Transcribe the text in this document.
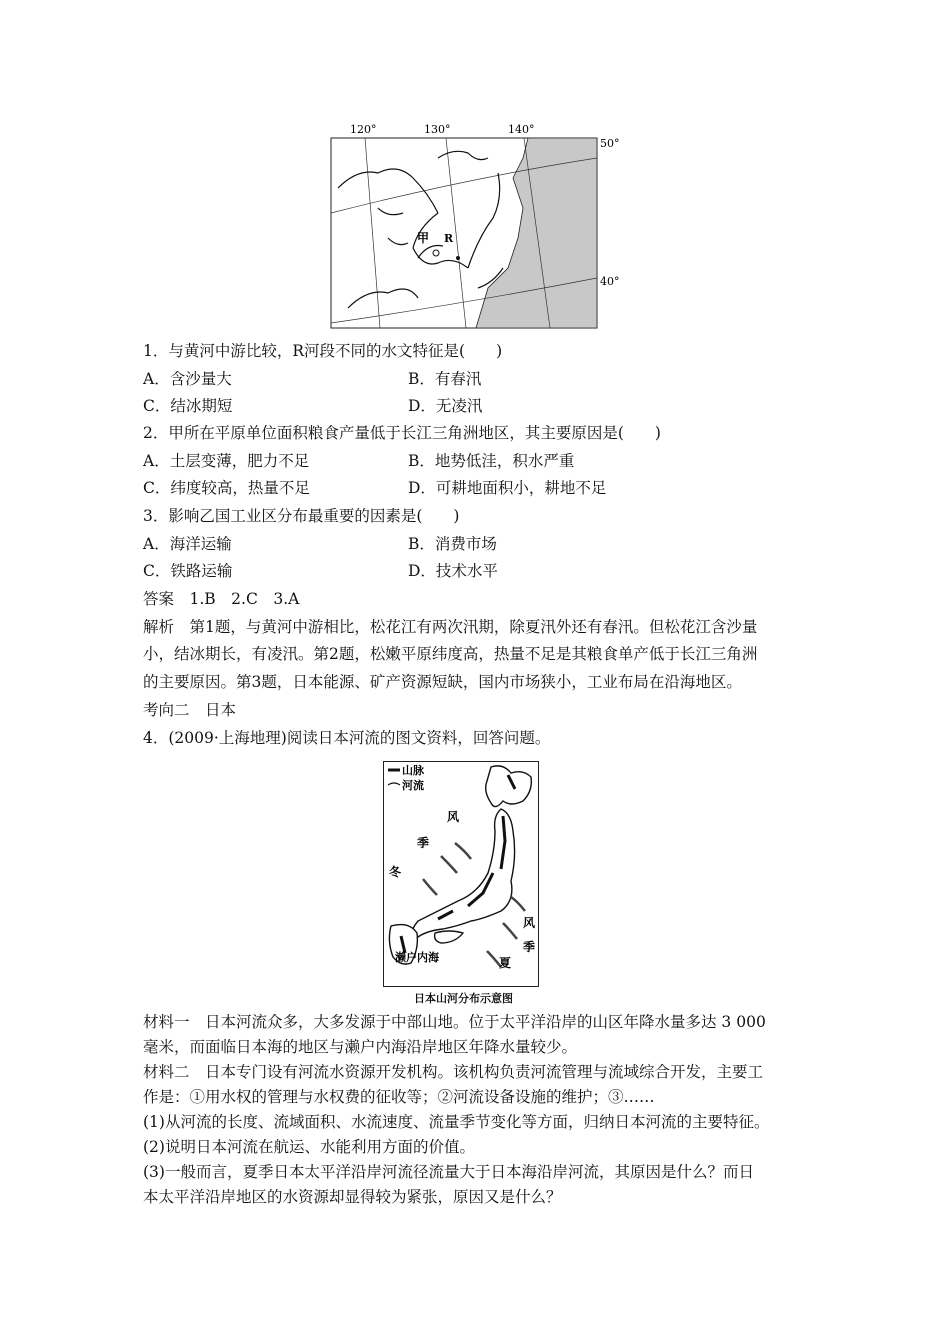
120°	130°	140°
50°
40°
甲 R
1．与黄河中游比较，R河段不同的水文特征是(　　)
A．含沙量大	B．有春汛
C．结冰期短	D．无凌汛
2．甲所在平原单位面积粮食产量低于长江三角洲地区，其主要原因是(　　)
A．土层变薄，肥力不足	B．地势低洼，积水严重
C．纬度较高，热量不足	D．可耕地面积小，耕地不足
3．影响乙国工业区分布最重要的因素是(　　)
A．海洋运输	B．消费市场
C．铁路运输	D．技术水平
答案　1.B　2.C　3.A
解析　第1题，与黄河中游相比，松花江有两次汛期，除夏汛外还有春汛。但松花江含沙量
小，结冰期长，有凌汛。第2题，松嫩平原纬度高，热量不足是其粮食单产低于长江三角洲
的主要原因。第3题，日本能源、矿产资源短缺，国内市场狭小，工业布局在沿海地区。
考向二　日本
4．(2009·上海地理)阅读日本河流的图文资料，回答问题。
山脉
河流
冬
季
风
夏
季
风
濑户内海
日本山河分布示意图
材料一　日本河流众多，大多发源于中部山地。位于太平洋沿岸的山区年降水量多达 3 000
毫米，而面临日本海的地区与濑户内海沿岸地区年降水量较少。
材料二　日本专门设有河流水资源开发机构。该机构负责河流管理与流域综合开发，主要工
作是：①用水权的管理与水权费的征收等；②河流设备设施的维护；③……
(1)从河流的长度、流域面积、水流速度、流量季节变化等方面，归纳日本河流的主要特征。
(2)说明日本河流在航运、水能利用方面的价值。
(3)一般而言，夏季日本太平洋沿岸河流径流量大于日本海沿岸河流，其原因是什么？而日
本太平洋沿岸地区的水资源却显得较为紧张，原因又是什么？
